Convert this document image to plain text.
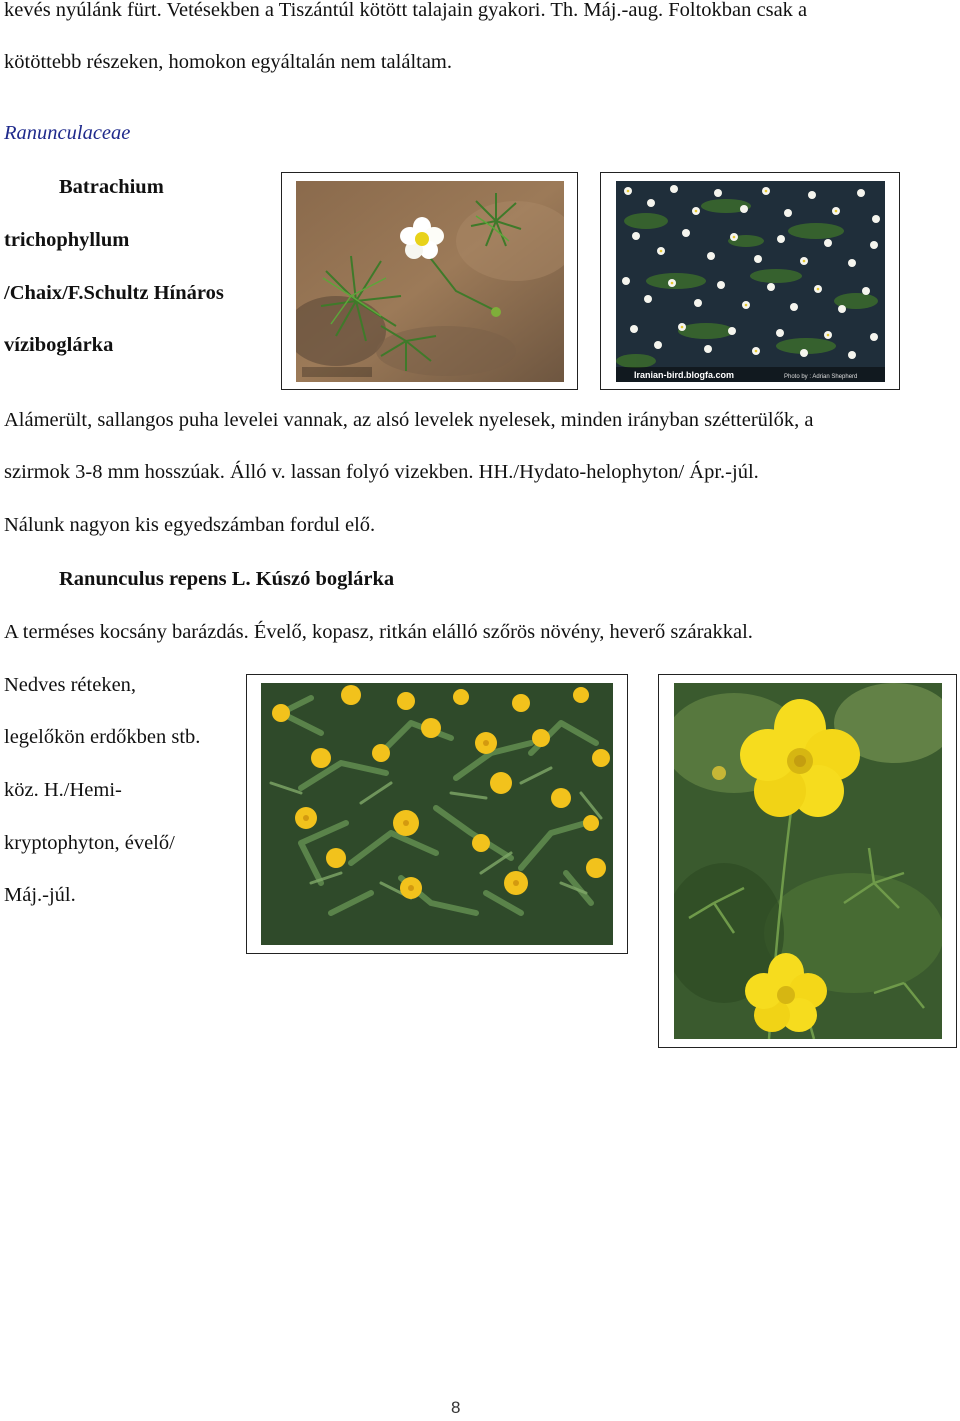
kevés nyúlánk fürt. Vetésekben a Tiszántúl kötött talajain gyakori. Th. Máj.-aug. Foltokban csak a

kötöttebb részeken, homokon egyáltalán nem találtam.

Ranunculaceae

Batrachium

trichophyllum

/Chaix/F.Schultz Hínáros

víziboglárka

Alámerült, sallangos puha levelei vannak, az alsó levelek nyelesek, minden irányban szétterülők, a

szirmok 3-8 mm hosszúak. Álló v. lassan folyó vizekben. HH./Hydato-helophyton/ Ápr.-júl.

Nálunk nagyon kis egyedszámban fordul elő.

Ranunculus repens L. Kúszó boglárka

A terméses kocsány barázdás. Évelő, kopasz, ritkán elálló szőrös növény, heverő szárakkal.

Nedves réteken,

legelőkön erdőkben stb.

köz. H./Hemi-

kryptophyton, évelő/

Máj.-júl.

Iranian-bird.blogfa.com	Photo by : Adrian Shepherd

8
